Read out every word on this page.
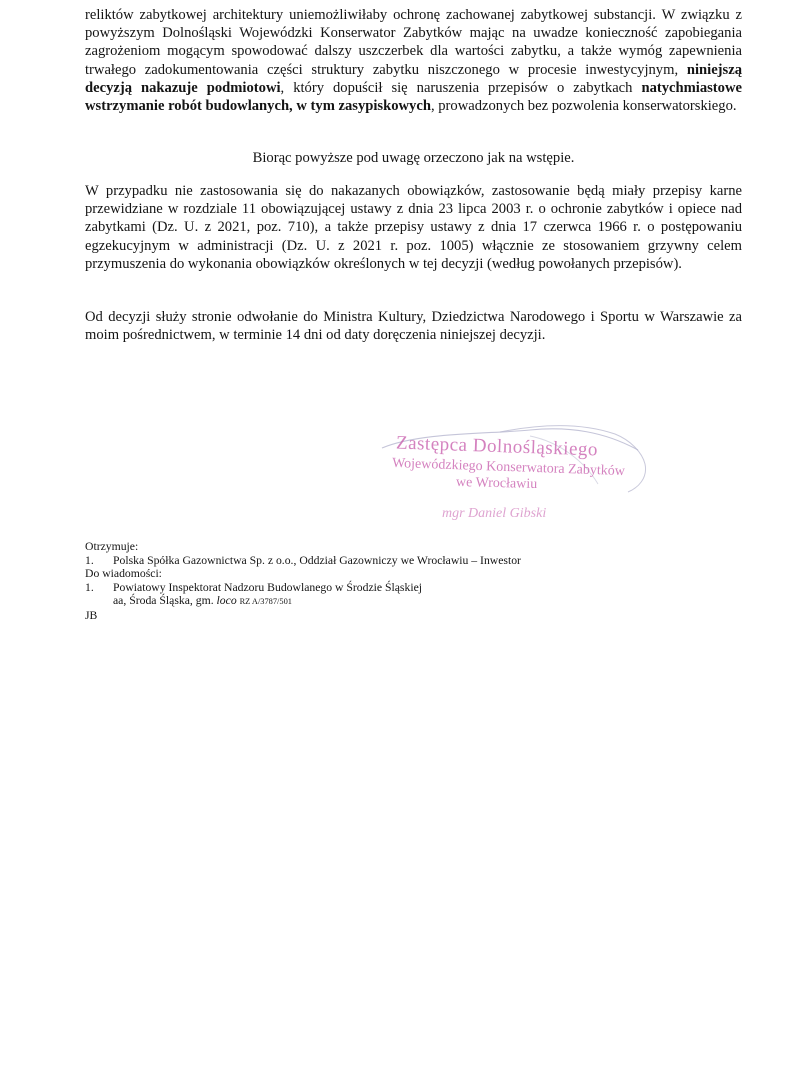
reliktów zabytkowej architektury uniemożliwiłaby ochronę zachowanej zabytkowej substancji. W związku z powyższym Dolnośląski Wojewódzki Konserwator Zabytków mając na uwadze konieczność zapobiegania zagrożeniom mogącym spowodować dalszy uszczerbek dla wartości zabytku, a także wymóg zapewnienia trwałego zadokumentowania części struktury zabytku niszczonego w procesie inwestycyjnym, niniejszą decyzją nakazuje podmiotowi, który dopuścił się naruszenia przepisów o zabytkach natychmiastowe wstrzymanie robót budowlanych, w tym zasypiskowych, prowadzonych bez pozwolenia konserwatorskiego.

Biorąc powyższe pod uwagę orzeczono jak na wstępie.

W przypadku nie zastosowania się do nakazanych obowiązków, zastosowanie będą miały przepisy karne przewidziane w rozdziale 11 obowiązującej ustawy z dnia 23 lipca 2003 r. o ochronie zabytków i opiece nad zabytkami (Dz. U. z 2021, poz. 710), a także przepisy ustawy z dnia 17 czerwca 1966 r. o postępowaniu egzekucyjnym w administracji (Dz. U. z 2021 r. poz. 1005) włącznie ze stosowaniem grzywny celem przymuszenia do wykonania obowiązków określonych w tej decyzji (według powołanych przepisów).

Od decyzji służy stronie odwołanie do Ministra Kultury, Dziedzictwa Narodowego i Sportu w Warszawie za moim pośrednictwem, w terminie 14 dni od daty doręczenia niniejszej decyzji.

Zastępca Dolnośląskiego
Wojewódzkiego Konserwatora Zabytków
we Wrocławiu
mgr Daniel Gibski
Otrzymuje:
1. Polska Spółka Gazownictwa Sp. z o.o., Oddział Gazowniczy we Wrocławiu – Inwestor
Do wiadomości:
1. Powiatowy Inspektorat Nadzoru Budowlanego w Środzie Śląskiej
aa, Środa Śląska, gm. loco RZ A/3787/501
JB
